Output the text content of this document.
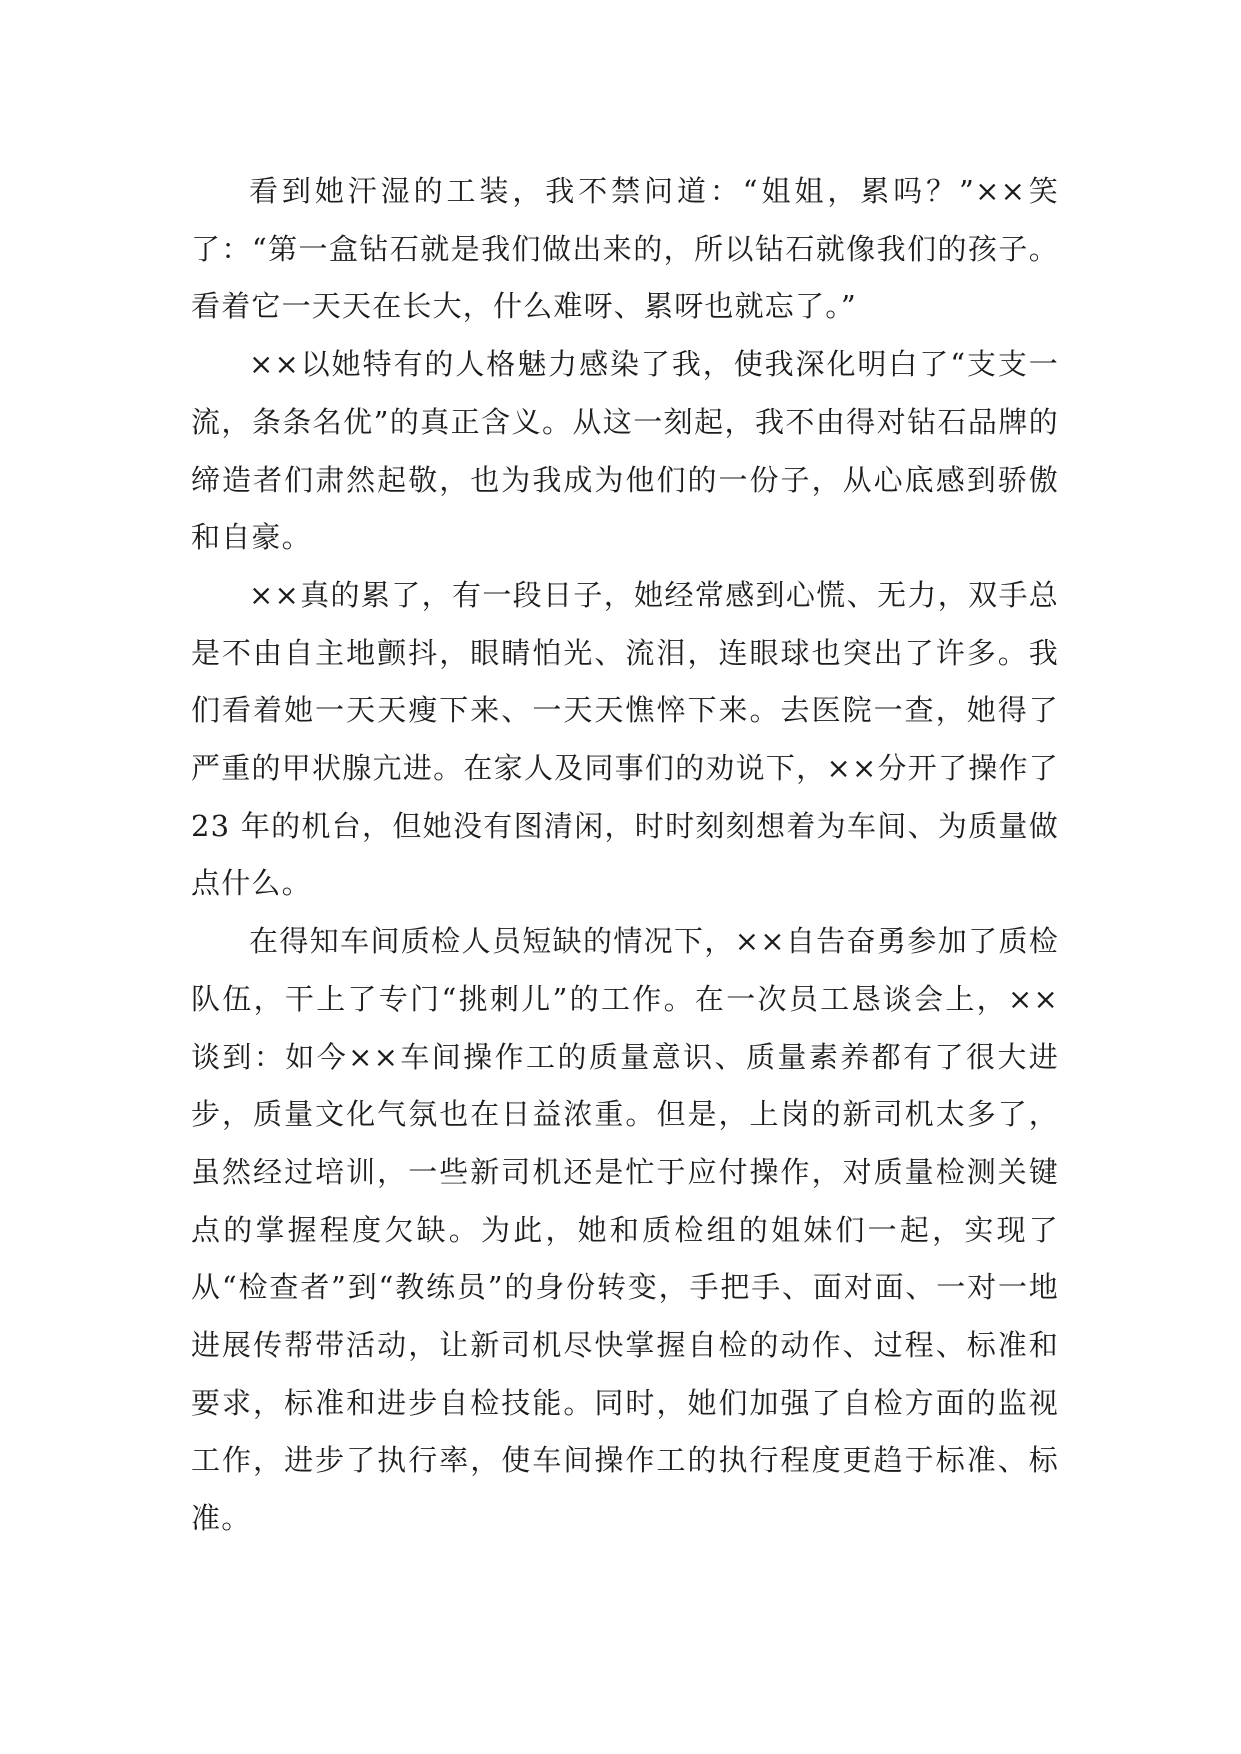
看到她汗湿的工装，我不禁问道：“姐姐，累吗？”××笑了：“第一盒钻石就是我们做出来的，所以钻石就像我们的孩子。看着它一天天在长大，什么难呀、累呀也就忘了。”

××以她特有的人格魅力感染了我，使我深化明白了“支支一流，条条名优”的真正含义。从这一刻起，我不由得对钻石品牌的缔造者们肃然起敬，也为我成为他们的一份子，从心底感到骄傲和自豪。

××真的累了，有一段日子，她经常感到心慌、无力，双手总是不由自主地颤抖，眼睛怕光、流泪，连眼球也突出了许多。我们看着她一天天瘦下来、一天天憔悴下来。去医院一查，她得了严重的甲状腺亢进。在家人及同事们的劝说下，××分开了操作了 23 年的机台，但她没有图清闲，时时刻刻想着为车间、为质量做点什么。

在得知车间质检人员短缺的情况下，××自告奋勇参加了质检队伍，干上了专门“挑刺儿”的工作。在一次员工恳谈会上，××谈到：如今××车间操作工的质量意识、质量素养都有了很大进步，质量文化气氛也在日益浓重。但是，上岗的新司机太多了，虽然经过培训，一些新司机还是忙于应付操作，对质量检测关键点的掌握程度欠缺。为此，她和质检组的姐妹们一起，实现了从“检查者”到“教练员”的身份转变，手把手、面对面、一对一地进展传帮带活动，让新司机尽快掌握自检的动作、过程、标准和要求，标准和进步自检技能。同时，她们加强了自检方面的监视工作，进步了执行率，使车间操作工的执行程度更趋于标准、标准。
